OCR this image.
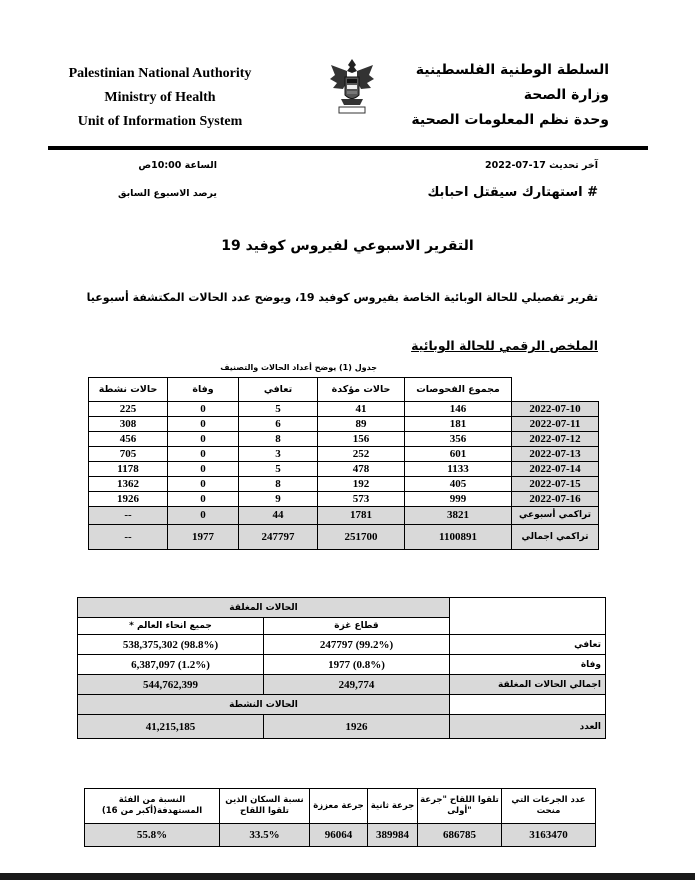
Palestinian National Authority
Ministry of Health
Unit of Information System
السلطة الوطنية الفلسطينية
وزارة الصحة
وحدة نظم المعلومات الصحية
آخر تحديث 17-07-2022
الساعة 10:00ص
# استهتارك سيقتل احبابك
يرصد الاسبوع السابق
التقرير الاسبوعي لفيروس كوفيد 19
تقرير تفصيلي للحالة الوبائية الخاصة بفيروس كوفيد 19، ويوضح عدد الحالات المكتشفة أسبوعيا
الملخص الرقمي للحالة الوبائية
جدول (1) يوضح أعداد الحالات والتصنيف
حالات نشطة	وفاة	تعافي	حالات مؤكدة	مجموع الفحوصات	
225	0	5	41	146	2022-07-10
308	0	6	89	181	2022-07-11
456	0	8	156	356	2022-07-12
705	0	3	252	601	2022-07-13
1178	0	5	478	1133	2022-07-14
1362	0	8	192	405	2022-07-15
1926	0	9	573	999	2022-07-16
--	0	44	1781	3821	تراكمي أسبوعي
--	1977	247797	251700	1100891	تراكمي اجمالي
الحالات المغلقة		
* جميع انحاء العالم	قطاع غزة	
538,375,302 (98.8%)	247797 (99.2%)	تعافي
6,387,097 (1.2%)	1977 (0.8%)	وفاة
544,762,399	249,774	اجمالي الحالات المغلقة
الحالات النشطة		
41,215,185	1926	العدد
النسبة من الفئة المستهدفة(أكبر من 16)	نسبة السكان الذين تلقوا اللقاح	جرعة معززة	جرعة ثانية	تلقوا اللقاح "جرعة أولى"	عدد الجرعات التي منحت
55.8%	33.5%	96064	389984	686785	3163470
